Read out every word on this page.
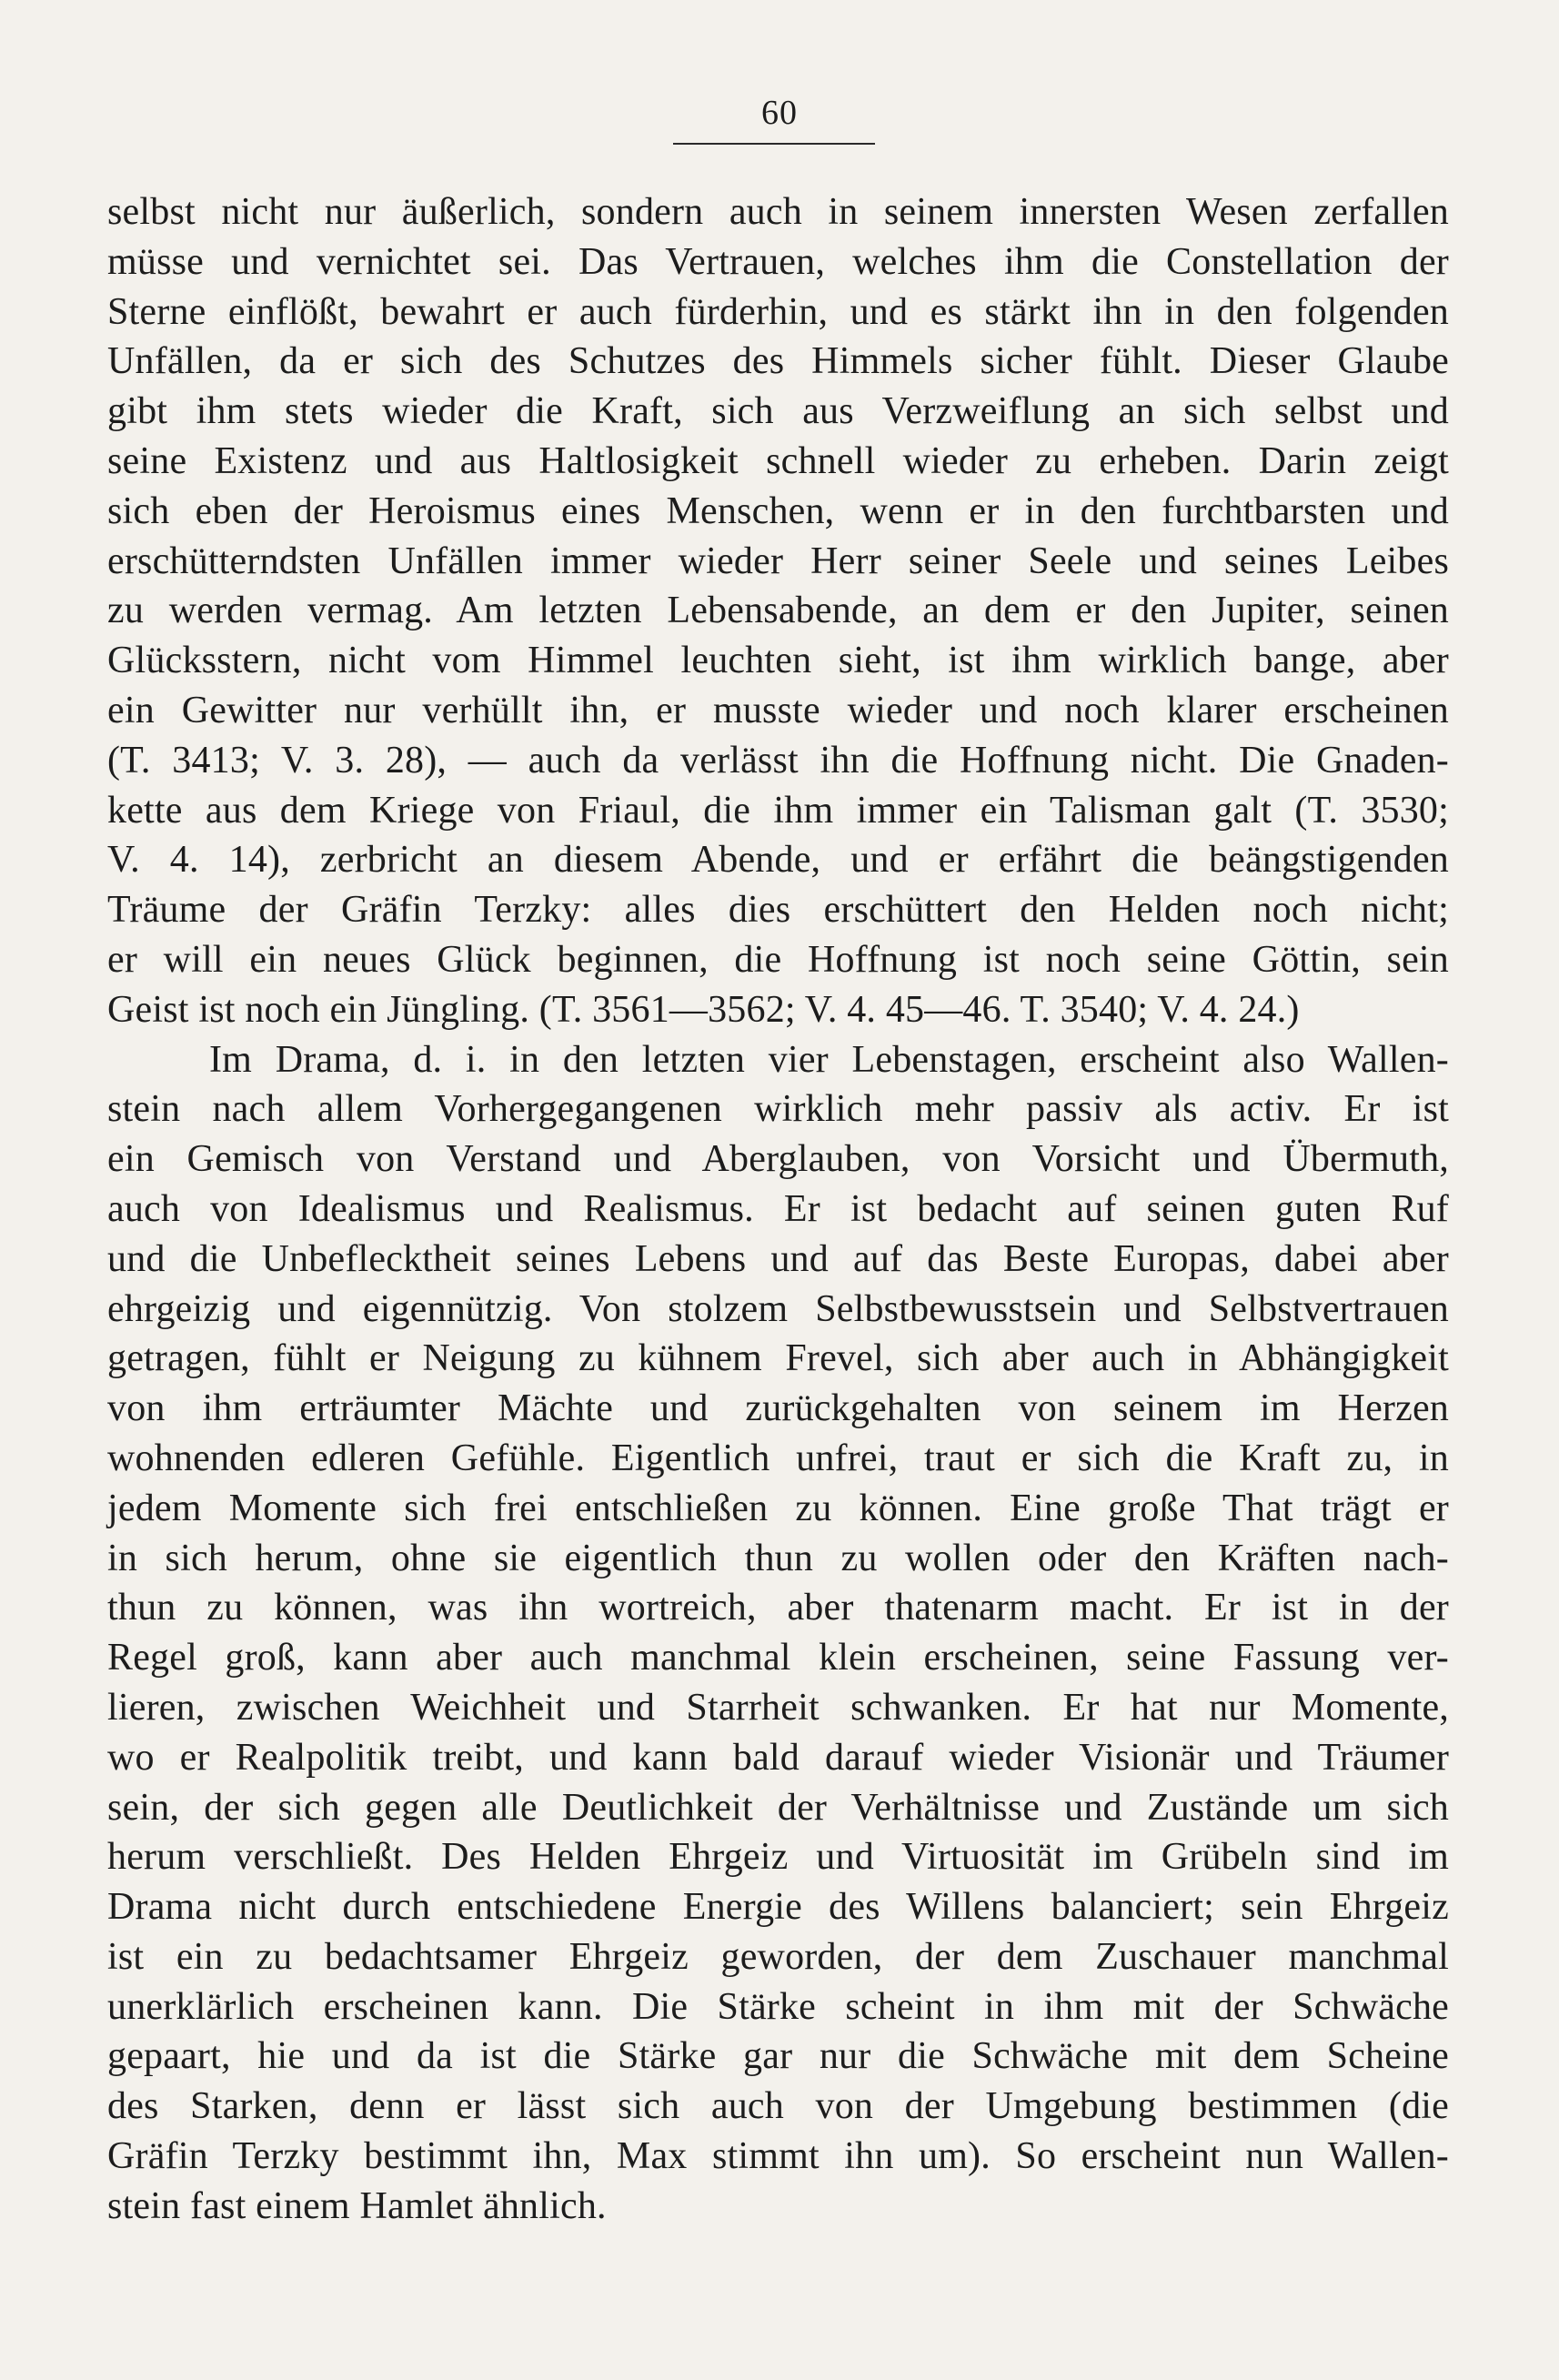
60
selbst nicht nur äußerlich, sondern auch in seinem innersten Wesen zerfallen
müsse und vernichtet sei. Das Vertrauen, welches ihm die Constellation der
Sterne einflößt, bewahrt er auch fürderhin, und es stärkt ihn in den folgenden
Unfällen, da er sich des Schutzes des Himmels sicher fühlt. Dieser Glaube
gibt ihm stets wieder die Kraft, sich aus Verzweiflung an sich selbst und
seine Existenz und aus Haltlosigkeit schnell wieder zu erheben. Darin zeigt
sich eben der Heroismus eines Menschen, wenn er in den furchtbarsten und
erschütterndsten Unfällen immer wieder Herr seiner Seele und seines Leibes
zu werden vermag. Am letzten Lebensabende, an dem er den Jupiter, seinen
Glücksstern, nicht vom Himmel leuchten sieht, ist ihm wirklich bange, aber
ein Gewitter nur verhüllt ihn, er musste wieder und noch klarer erscheinen
(T. 3413; V. 3. 28), — auch da verlässt ihn die Hoffnung nicht. Die Gnaden-
kette aus dem Kriege von Friaul, die ihm immer ein Talisman galt (T. 3530;
V. 4. 14), zerbricht an diesem Abende, und er erfährt die beängstigenden
Träume der Gräfin Terzky: alles dies erschüttert den Helden noch nicht;
er will ein neues Glück beginnen, die Hoffnung ist noch seine Göttin, sein
Geist ist noch ein Jüngling. (T. 3561—3562; V. 4. 45—46. T. 3540; V. 4. 24.)
Im Drama, d. i. in den letzten vier Lebenstagen, erscheint also Wallen-
stein nach allem Vorhergegangenen wirklich mehr passiv als activ. Er ist
ein Gemisch von Verstand und Aberglauben, von Vorsicht und Übermuth,
auch von Idealismus und Realismus. Er ist bedacht auf seinen guten Ruf
und die Unbeflecktheit seines Lebens und auf das Beste Europas, dabei aber
ehrgeizig und eigennützig. Von stolzem Selbstbewusstsein und Selbstvertrauen
getragen, fühlt er Neigung zu kühnem Frevel, sich aber auch in Abhängigkeit
von ihm erträumter Mächte und zurückgehalten von seinem im Herzen
wohnenden edleren Gefühle. Eigentlich unfrei, traut er sich die Kraft zu, in
jedem Momente sich frei entschließen zu können. Eine große That trägt er
in sich herum, ohne sie eigentlich thun zu wollen oder den Kräften nach-
thun zu können, was ihn wortreich, aber thatenarm macht. Er ist in der
Regel groß, kann aber auch manchmal klein erscheinen, seine Fassung ver-
lieren, zwischen Weichheit und Starrheit schwanken. Er hat nur Momente,
wo er Realpolitik treibt, und kann bald darauf wieder Visionär und Träumer
sein, der sich gegen alle Deutlichkeit der Verhältnisse und Zustände um sich
herum verschließt. Des Helden Ehrgeiz und Virtuosität im Grübeln sind im
Drama nicht durch entschiedene Energie des Willens balanciert; sein Ehrgeiz
ist ein zu bedachtsamer Ehrgeiz geworden, der dem Zuschauer manchmal
unerklärlich erscheinen kann. Die Stärke scheint in ihm mit der Schwäche
gepaart, hie und da ist die Stärke gar nur die Schwäche mit dem Scheine
des Starken, denn er lässt sich auch von der Umgebung bestimmen (die
Gräfin Terzky bestimmt ihn, Max stimmt ihn um). So erscheint nun Wallen-
stein fast einem Hamlet ähnlich.
